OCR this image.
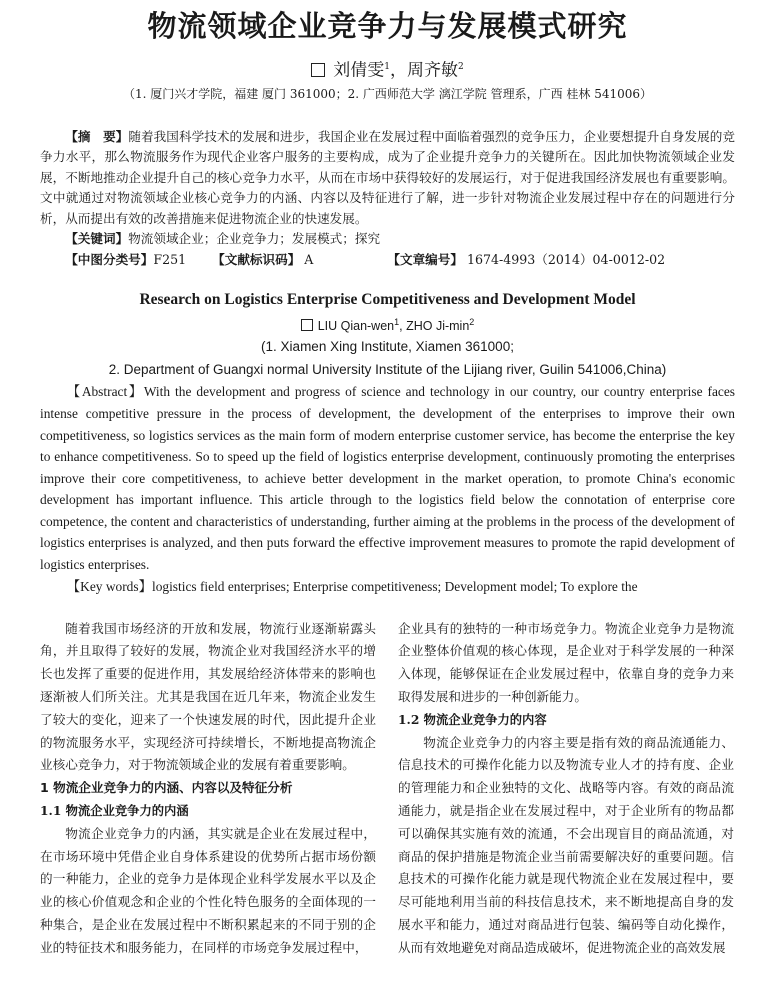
物流领域企业竞争力与发展模式研究
刘倩雯$^1$，周齐敏$^2$
（1. 厦门兴才学院，福建 厦门 361000；2. 广西师范大学 漓江学院 管理系，广西 桂林 541006）

【摘　要】随着我国科学技术的发展和进步，我国企业在发展过程中面临着强烈的竞争压力，企业要想提升自身发展的竞争力水平，那么物流服务作为现代企业客户服务的主要构成，成为了企业提升竞争力的关键所在。因此加快物流领域企业发展，不断地推动企业提升自己的核心竞争力水平，从而在市场中获得较好的发展运行，对于促进我国经济发展也有重要影响。文中就通过对物流领域企业核心竞争力的内涵、内容以及特征进行了解，进一步针对物流企业发展过程中存在的问题进行分析，从而提出有效的改善措施来促进物流企业的快速发展。

【关键词】物流领域企业；企业竞争力；发展模式；探究
【中图分类号】 F251 【文献标识码】 A	【文章编号】 1674-4993（2014）04-0012-02
Research on Logistics Enterprise Competitiveness and Development Model
LIU Qian-wen$^1$, ZHO $Ji-\min^2$
(1. Xiamen Xing Institute, Xiamen 361000;
2. Department of Guangxi normal University Institute of the Lijiang river, Guilin 541006,China)

【Abstract】With the development and progress of science and technology in our country, our country enterprise faces intense competitive pressure in the process of development, the development of the enterprises to improve their own competitiveness, so logistics services as the main form of modern enterprise customer service, has become the enterprise the key to enhance competitiveness. So to speed up the field of logistics enterprise development, continuously promoting the enterprises improve their core competitiveness, to achieve better development in the market operation, to promote China's economic development has important influence. This article through to the logistics field below the connotation of enterprise core competence, the content and characteristics of understanding, further aiming at the problems in the process of the development of logistics enterprises is analyzed, and then puts forward the effective improvement measures to promote the rapid development of logistics enterprises.

【Key words】logistics field enterprises; Enterprise competitiveness; Development model; To explore the

随着我国市场经济的开放和发展，物流行业逐渐崭露头角，并且取得了较好的发展，物流企业对我国经济水平的增长也发挥了重要的促进作用，其发展给经济体带来的影响也逐渐被人们所关注。尤其是我国在近几年来，物流企业发生了较大的变化，迎来了一个快速发展的时代，因此提升企业的物流服务水平，实现经济可持续增长，不断地提高物流企业核心竞争力，对于物流领域企业的发展有着重要影响。

1 物流企业竞争力的内涵、内容以及特征分析
1.1 物流企业竞争力的内涵

物流企业竞争力的内涵，其实就是企业在发展过程中，在市场环境中凭借企业自身体系建设的优势所占据市场份额的一种能力，企业的竞争力是体现企业科学发展水平以及企业的核心价值观念和企业的个性化特色服务的全面体现的一种集合，是企业在发展过程中不断积累起来的不同于别的企业的特征技术和服务能力，在同样的市场竞争发展过程中，

企业具有的独特的一种市场竞争力。物流企业竞争力是物流企业整体价值观的核心体现，是企业对于科学发展的一种深入体现，能够保证在企业发展过程中，依靠自身的竞争力来取得发展和进步的一种创新能力。

1.2 物流企业竞争力的内容

物流企业竞争力的内容主要是指有效的商品流通能力、信息技术的可操作化能力以及物流专业人才的持有度、企业的管理能力和企业独特的文化、战略等内容。有效的商品流通能力，就是指企业在发展过程中，对于企业所有的物品都可以确保其实施有效的流通，不会出现盲目的商品流通，对商品的保护措施是物流企业当前需要解决好的重要问题。信息技术的可操作化能力就是现代物流企业在发展过程中，要尽可能地利用当前的科技信息技术，来不断地提高自身的发展水平和能力，通过对商品进行包装、编码等自动化操作，从而有效地避免对商品造成破坏，促进物流企业的高效发展
